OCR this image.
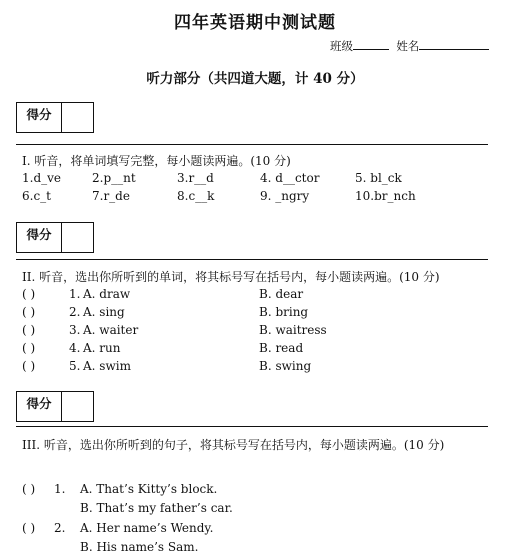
四年英语期中测试题
班级	姓名
听力部分（共四道大题，计 40 分）
得分
I. 听音，将单词填写完整，每小题读两遍。(10 分)
1.d_ve	2.p__nt	3.r__d	4. d__ctor	5. bl_ck
6.c_t	7.r_de	8.c__k	9. _ngry	10.br_nch
得分
II. 听音，选出你所听到的单词，将其标号写在括号内，每小题读两遍。(10 分)
( )	1. A. draw	B. dear
( )	2. A. sing	B. bring
( )	3. A. waiter	B. waitress
( )	4. A. run	B. read
( )	5. A. swim	B. swing
得分
III. 听音，选出你所听到的句子，将其标号写在括号内，每小题读两遍。(10 分)
( ) 1. A. That’s Kitty’s block.
B. That’s my father’s car.
( ) 2. A. Her name’s Wendy.
B. His name’s Sam.
